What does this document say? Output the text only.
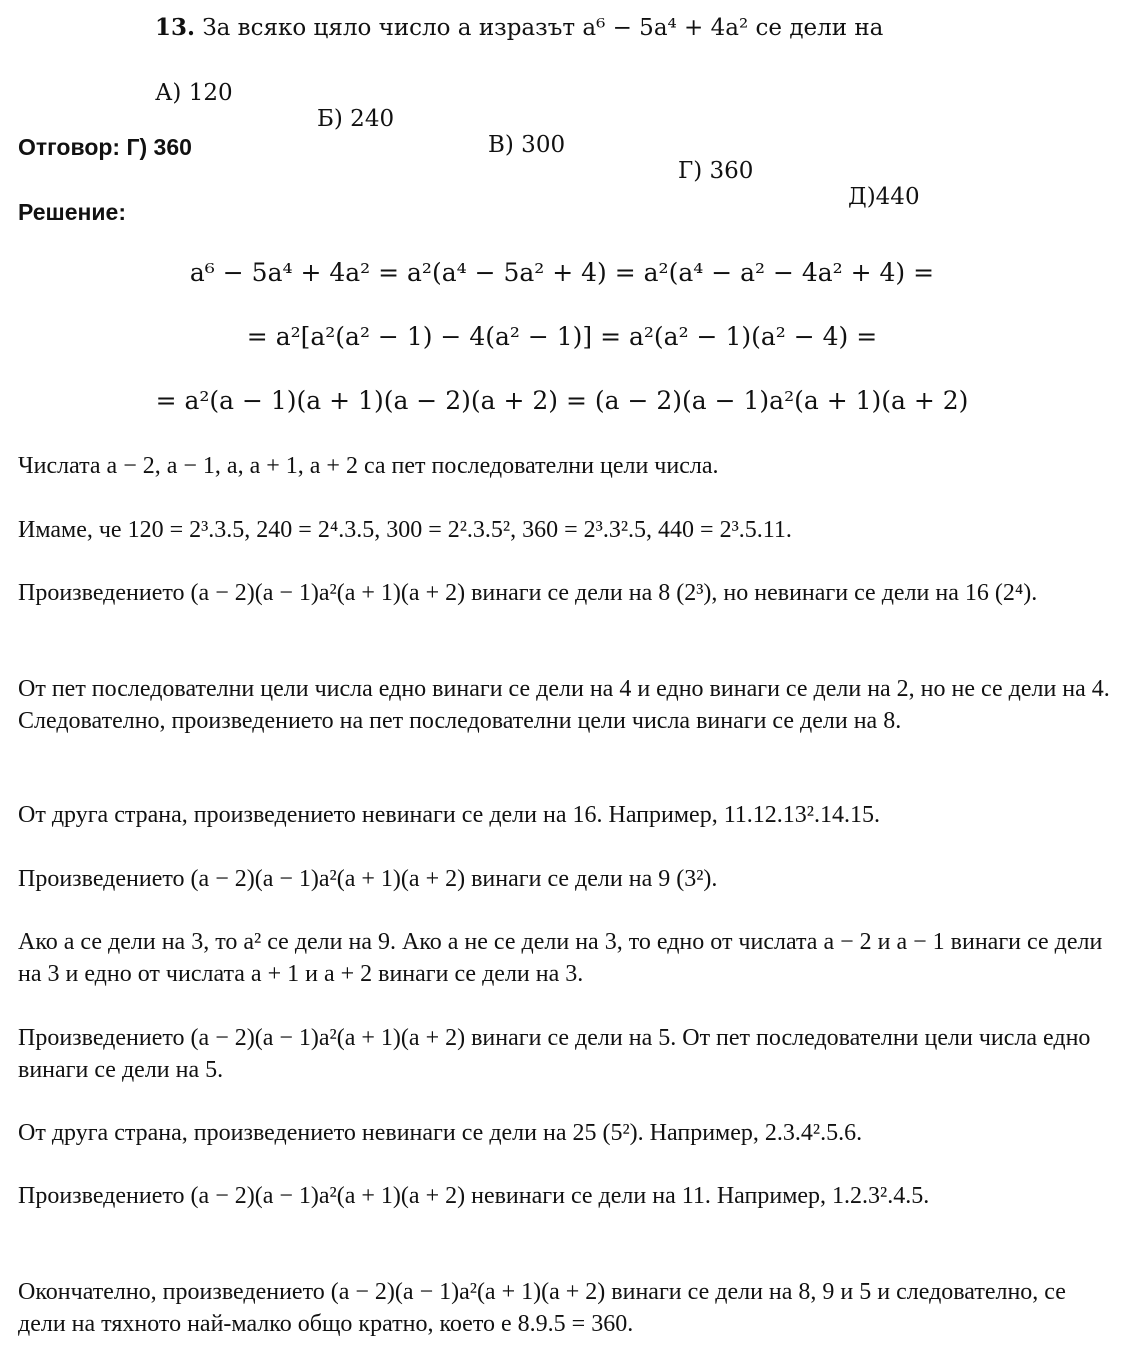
13. За всяко цяло число a изразът a⁶ − 5a⁴ + 4a² се дели на

А) 120

Б) 240

В) 300

Г) 360

Д)440

Отговор: Г) 360
Решение:
a⁶ − 5a⁴ + 4a² = a²(a⁴ − 5a² + 4) = a²(a⁴ − a² − 4a² + 4) =
= a²[a²(a² − 1) − 4(a² − 1)] = a²(a² − 1)(a² − 4) =
= a²(a − 1)(a + 1)(a − 2)(a + 2) = (a − 2)(a − 1)a²(a + 1)(a + 2)
Числата a − 2, a − 1, a, a + 1, a + 2 са пет последователни цели числа.
Имаме, че 120 = 2³.3.5, 240 = 2⁴.3.5, 300 = 2².3.5², 360 = 2³.3².5, 440 = 2³.5.11.
Произведението (a − 2)(a − 1)a²(a + 1)(a + 2) винаги се дели на 8 (2³), но невинаги се дели на 16 (2⁴).
От пет последователни цели числа едно винаги се дели на 4 и едно винаги се дели на 2, но не се дели на 4. Следователно, произведението на пет последователни цели числа винаги се дели на 8.
От друга страна, произведението невинаги се дели на 16. Например, 11.12.13².14.15.
Произведението (a − 2)(a − 1)a²(a + 1)(a + 2) винаги се дели на 9 (3²).
Ако a се дели на 3, то a² се дели на 9. Ако a не се дели на 3, то едно от числата a − 2 и a − 1 винаги се дели на 3 и едно от числата a + 1 и a + 2 винаги се дели на 3.
Произведението (a − 2)(a − 1)a²(a + 1)(a + 2) винаги се дели на 5. От пет последователни цели числа едно винаги се дели на 5.
От друга страна, произведението невинаги се дели на 25 (5²). Например, 2.3.4².5.6.
Произведението (a − 2)(a − 1)a²(a + 1)(a + 2) невинаги се дели на 11. Например, 1.2.3².4.5.
Окончателно, произведението (a − 2)(a − 1)a²(a + 1)(a + 2) винаги се дели на 8, 9 и 5 и следователно, се дели на тяхното най-малко общо кратно, което е 8.9.5 = 360.
